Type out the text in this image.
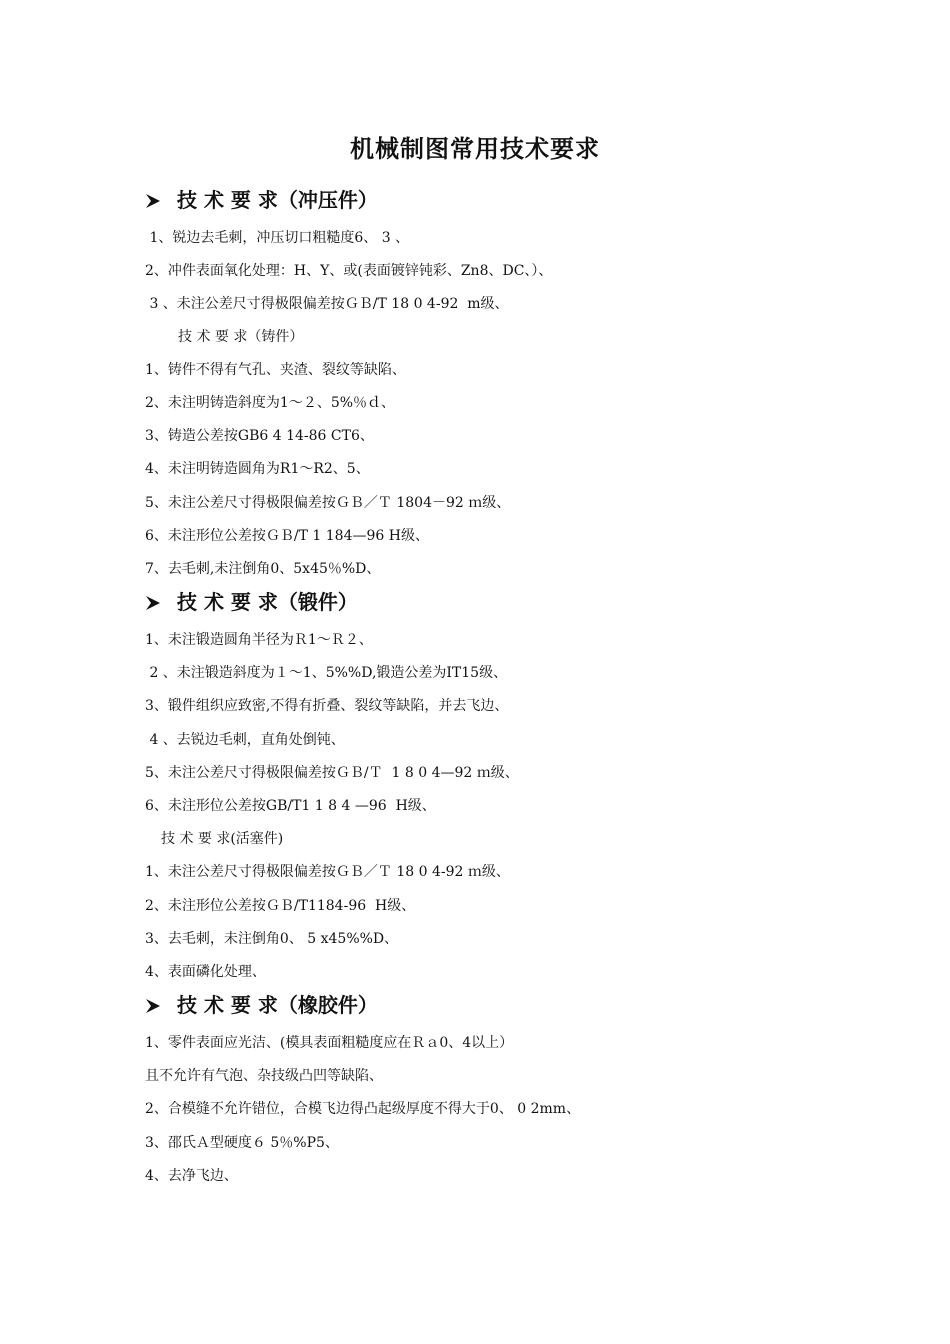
机械制图常用技术要求
技 术 要 求（冲压件）
1、锐边去毛刺，冲压切口粗糙度6、 3 、
2、冲件表面氧化处理：H、Y、或(表面镀锌钝彩、Zn8、DC、）、
3 、未注公差尺寸得极限偏差按ＧＢ/T 18 0 4-92  m级、
技 术 要 求（铸件）
1、铸件不得有气孔、夹渣、裂纹等缺陷、
2、未注明铸造斜度为1～２、5%％ｄ、
3、铸造公差按GB6 4 14-86 CT6、
4、未注明铸造圆角为R1～R2、5、
5、未注公差尺寸得极限偏差按ＧＢ／Ｔ 1804－92 ｍ级、
6、未注形位公差按ＧＢ/T 1 184—96 H级、
7、去毛刺,未注倒角0、5x45％%D、
技 术 要 求（锻件）
1、未注锻造圆角半径为Ｒ1～Ｒ２、
2 、未注锻造斜度为１～1、5%%D,锻造公差为IT15级、
3、锻件组织应致密,不得有折叠、裂纹等缺陷，并去飞边、
4 、去锐边毛刺，直角处倒钝、
5、未注公差尺寸得极限偏差按ＧＢ/Ｔ  1 8 0 4—92 ｍ级、
6、未注形位公差按GB/T1 1 8 4 —96  H级、
技 术 要 求(活塞件)
1、未注公差尺寸得极限偏差按ＧＢ／Ｔ 18 0 4-92 ｍ级、
2、未注形位公差按ＧＢ/T1184-96  H级、
3、去毛刺，未注倒角0、 5 x45%%D、
4、表面磷化处理、
技 术 要 求（橡胶件）
1、零件表面应光洁、(模具表面粗糙度应在Ｒａ0、4以上）
且不允许有气泡、杂技级凸凹等缺陷、
2、合模缝不允许错位，合模飞边得凸起级厚度不得大于0、 0 2mm、
3、邵氏Ａ型硬度６ 5％%P5、
4、去净飞边、
